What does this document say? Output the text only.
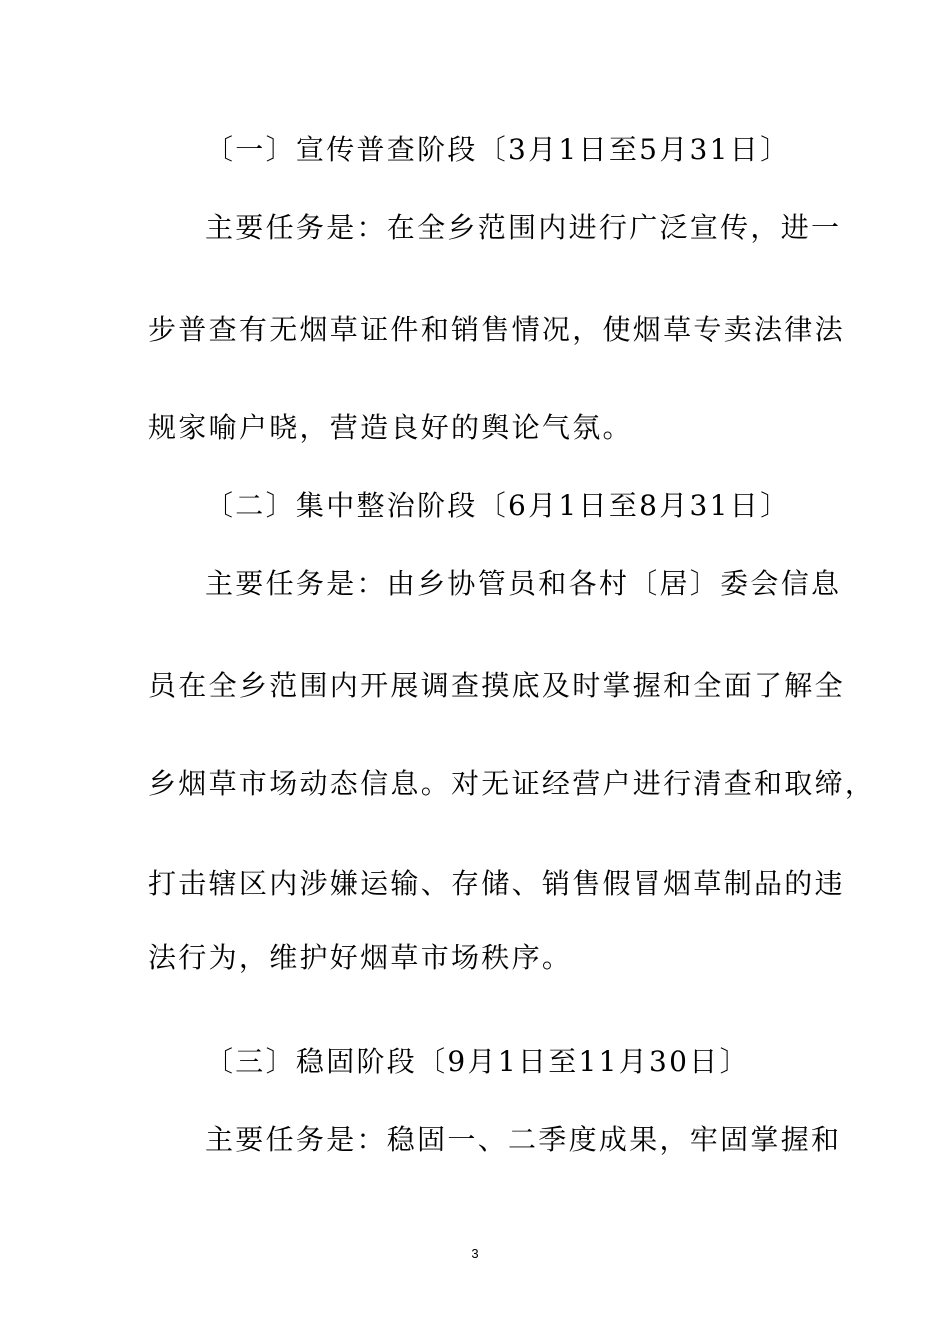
〔一〕宣传普查阶段〔3月1日至5月31日〕
主要任务是：在全乡范围内进行广泛宣传，进一
步普查有无烟草证件和销售情况，使烟草专卖法律法
规家喻户晓，营造良好的舆论气氛。
〔二〕集中整治阶段〔6月1日至8月31日〕
主要任务是：由乡协管员和各村〔居〕委会信息
员在全乡范围内开展调查摸底及时掌握和全面了解全
乡烟草市场动态信息。对无证经营户进行清查和取缔，
打击辖区内涉嫌运输、存储、销售假冒烟草制品的违
法行为，维护好烟草市场秩序。
〔三〕稳固阶段〔9月1日至11月30日〕
主要任务是：稳固一、二季度成果，牢固掌握和
3
